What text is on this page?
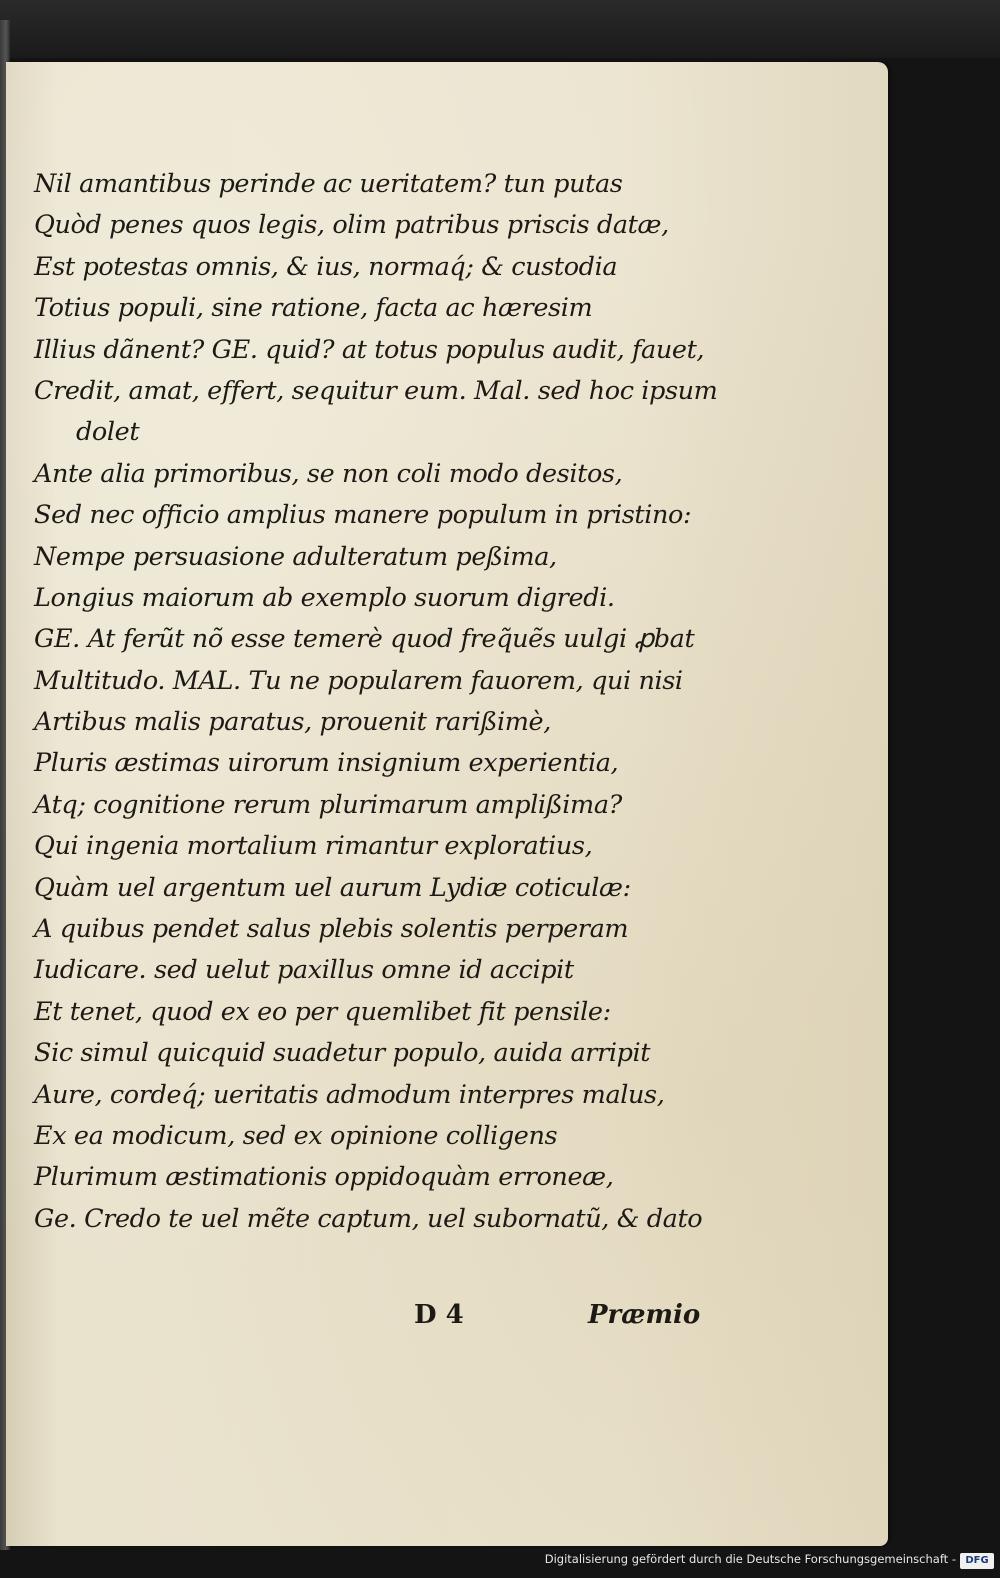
Nil amantibus perinde ac ueritatem? tun putas
Quòd penes quos legis, olim patribus priscis datæ,
Est potestas omnis, & ius, normaq́; & custodia
Totius populi, sine ratione, facta ac hæresim
Illius dãnent? GE. quid? at totus populus audit, fauet,
Credit, amat, effert, sequitur eum. Mal. sed hoc ipsum
dolet
Ante alia primoribus, se non coli modo desitos,
Sed nec officio amplius manere populum in pristino:
Nempe persuasione adulteratum peßima,
Longius maiorum ab exemplo suorum digredi.
GE. At ferũt nõ esse temerè quod freq̃uẽs uulgi ꝓbat
Multitudo. MAL. Tu ne popularem fauorem, qui nisi
Artibus malis paratus, prouenit rarißimè,
Pluris æstimas uirorum insignium experientia,
Atq; cognitione rerum plurimarum amplißima?
Qui ingenia mortalium rimantur exploratius,
Quàm uel argentum uel aurum Lydiæ coticulæ:
A quibus pendet salus plebis solentis perperam
Iudicare. sed uelut paxillus omne id accipit
Et tenet, quod ex eo per quemlibet fit pensile:
Sic simul quicquid suadetur populo, auida arripit
Aure, cordeq́; ueritatis admodum interpres malus,
Ex ea modicum, sed ex opinione colligens
Plurimum æstimationis oppidoquàm erroneæ,
Ge. Credo te uel mẽte captum, uel subornatũ, & dato
D 4	Præmio
Digitalisierung gefördert durch die Deutsche Forschungsgemeinschaft - DFG
